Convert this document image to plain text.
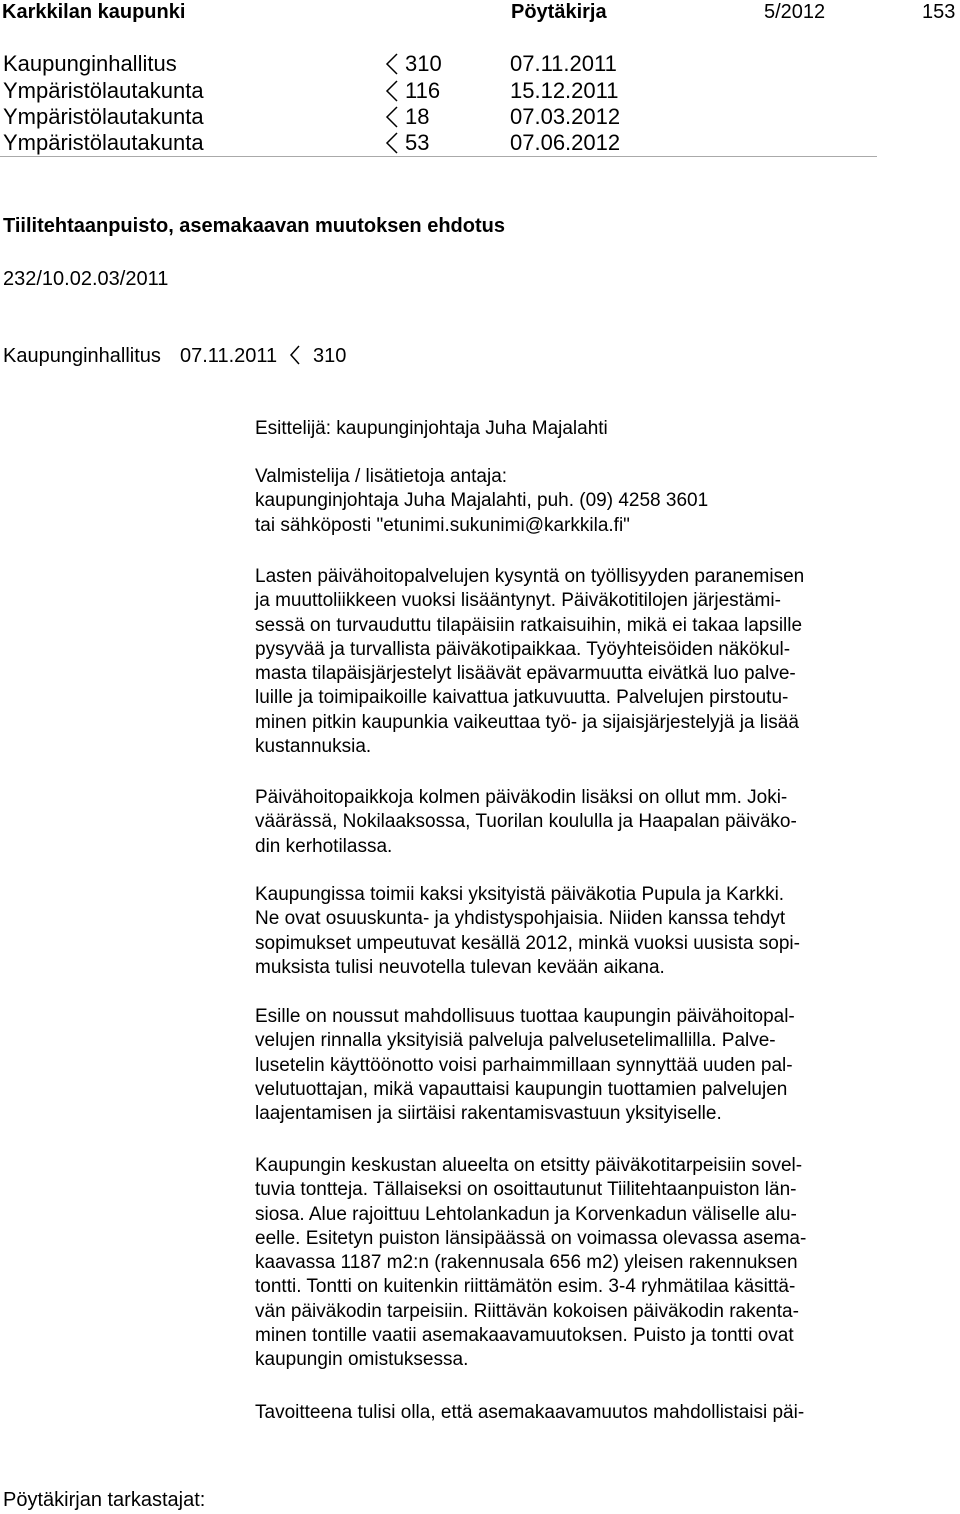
Karkkilan kaupunki	Pöytäkirja	5/2012	153
Kaupunginhallitus	310	07.11.2011
Ympäristölautakunta	116	15.12.2011
Ympäristölautakunta	18	07.03.2012
Ympäristölautakunta	53	07.06.2012
Tiilitehtaanpuisto, asemakaavan muutoksen ehdotus
232/10.02.03/2011
Kaupunginhallitus 07.11.2011 310
Esittelijä: kaupunginjohtaja Juha Majalahti
Valmistelija / lisätietoja antaja:
kaupunginjohtaja Juha Majalahti, puh. (09) 4258 3601
tai sähköposti "etunimi.sukunimi@karkkila.fi"
Lasten päivähoitopalvelujen kysyntä on työllisyyden paranemisen
ja muuttoliikkeen vuoksi lisääntynyt. Päiväkotitilojen järjestämi-
sessä on turvauduttu tilapäisiin ratkaisuihin, mikä ei takaa lapsille
pysyvää ja turvallista päiväkotipaikkaa. Työyhteisöiden näkökul-
masta tilapäisjärjestelyt lisäävät epävarmuutta eivätkä luo palve-
luille ja toimipaikoille kaivattua jatkuvuutta. Palvelujen pirstoutu-
minen pitkin kaupunkia vaikeuttaa työ- ja sijaisjärjestelyjä ja lisää
kustannuksia.
Päivähoitopaikkoja kolmen päiväkodin lisäksi on ollut mm. Joki-
väärässä, Nokilaaksossa, Tuorilan koululla ja Haapalan päiväko-
din kerhotilassa.
Kaupungissa toimii kaksi yksityistä päiväkotia Pupula ja Karkki.
Ne ovat osuuskunta- ja yhdistyspohjaisia. Niiden kanssa tehdyt
sopimukset umpeutuvat kesällä 2012, minkä vuoksi uusista sopi-
muksista tulisi neuvotella tulevan kevään aikana.
Esille on noussut mahdollisuus tuottaa kaupungin päivähoitopal-
velujen rinnalla yksityisiä palveluja palvelusetelimallilla. Palve-
lusetelin käyttöönotto voisi parhaimmillaan synnyttää uuden pal-
velutuottajan, mikä vapauttaisi kaupungin tuottamien palvelujen
laajentamisen ja siirtäisi rakentamisvastuun yksityiselle.
Kaupungin keskustan alueelta on etsitty päiväkotitarpeisiin sovel-
tuvia tontteja. Tällaiseksi on osoittautunut Tiilitehtaanpuiston län-
siosa. Alue rajoittuu Lehtolankadun ja Korvenkadun väliselle alu-
eelle. Esitetyn puiston länsipäässä on voimassa olevassa asema-
kaavassa 1187 m2:n (rakennusala 656 m2) yleisen rakennuksen
tontti. Tontti on kuitenkin riittämätön esim. 3-4 ryhmätilaa käsittä-
vän päiväkodin tarpeisiin. Riittävän kokoisen päiväkodin rakenta-
minen tontille vaatii asemakaavamuutoksen. Puisto ja tontti ovat
kaupungin omistuksessa.
Tavoitteena tulisi olla, että asemakaavamuutos mahdollistaisi päi-
Pöytäkirjan tarkastajat:
